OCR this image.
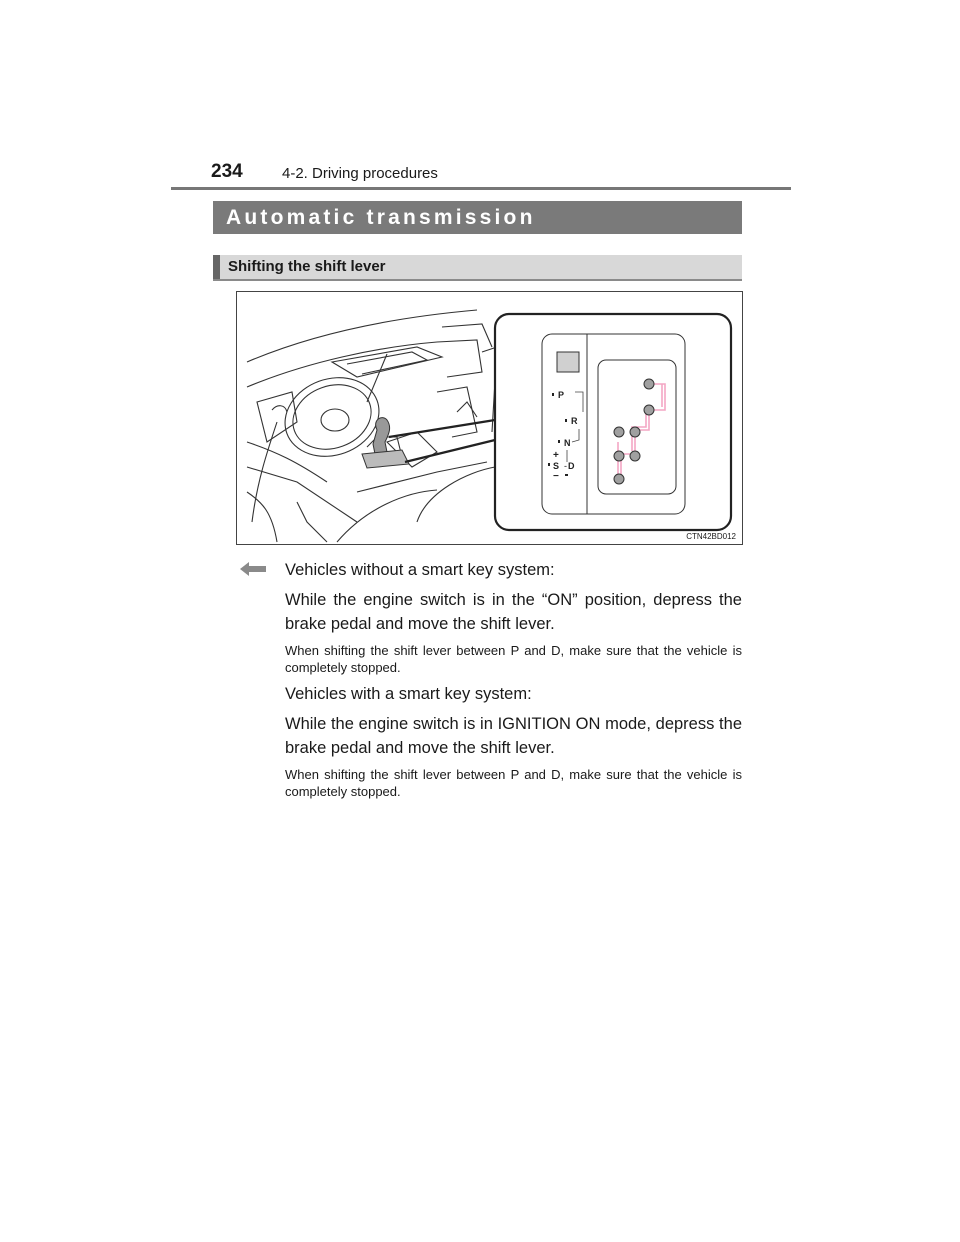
234	4-2. Driving procedures
Automatic transmission
Shifting the shift lever
P
R
N
S - D
+
−
CTN42BD012

Vehicles without a smart key system:

While the engine switch is in the “ON” position, depress the brake pedal and move the shift lever.

When shifting the shift lever between P and D, make sure that the vehicle is completely stopped.

Vehicles with a smart key system:

While the engine switch is in IGNITION ON mode, depress the brake pedal and move the shift lever.

When shifting the shift lever between P and D, make sure that the vehicle is completely stopped.
